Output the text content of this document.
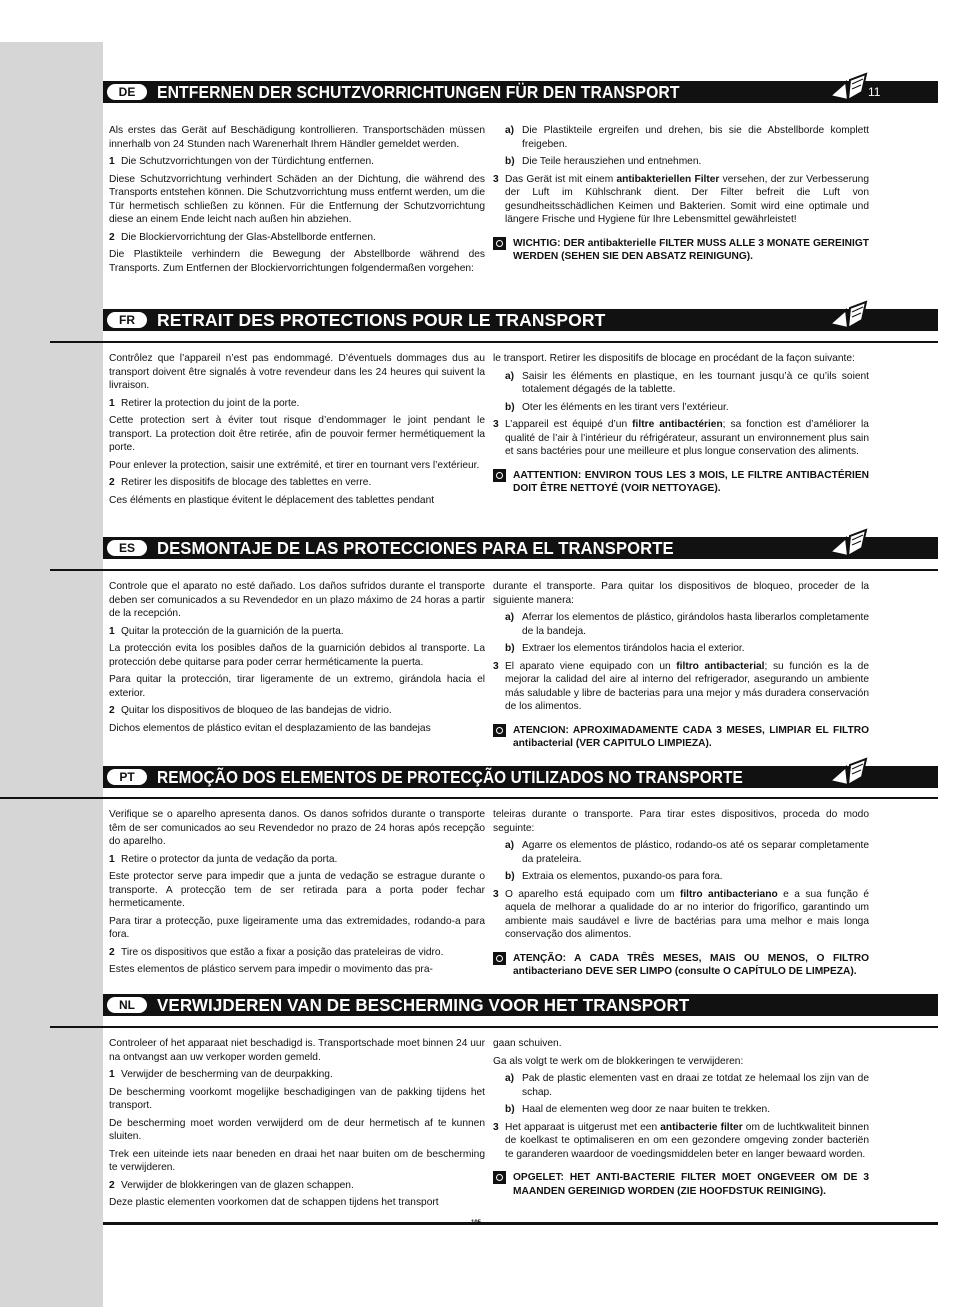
DE	ENTFERNEN DER SCHUTZVORRICHTUNGEN FÜR DEN TRANSPORT	11

Als erstes das Gerät auf Beschädigung kontrollieren. Transportschäden müssen innerhalb von 24 Stunden nach Warenerhalt Ihrem Händler gemeldet werden.

1 Die Schutzvorrichtungen von der Türdichtung entfernen.

Diese Schutzvorrichtung verhindert Schäden an der Dichtung, die während des Transports entstehen können. Die Schutzvorrichtung muss entfernt werden, um die Tür hermetisch schließen zu können. Für die Entfernung der Schutzvorrichtung diese an einem Ende leicht nach außen hin abziehen.

2 Die Blockiervorrichtung der Glas-Abstellborde entfernen.

Die Plastikteile verhindern die Bewegung der Abstellborde während des Transports. Zum Entfernen der Blockiervorrichtungen folgendermaßen vorgehen:

a) Die Plastikteile ergreifen und drehen, bis sie die Abstellborde komplett freigeben.
b) Die Teile herausziehen und entnehmen.
3 Das Gerät ist mit einem antibakteriellen Filter versehen, der zur Verbesserung der Luft im Kühlschrank dient. Der Filter befreit die Luft von gesundheitsschädlichen Keimen und Bakterien. Somit wird eine optimale und längere Frische und Hygiene für Ihre Lebensmittel gewährleistet!
WICHTIG: DER antibakterielle FILTER MUSS ALLE 3 MONATE GEREINIGT WERDEN (SEHEN SIE DEN ABSATZ REINIGUNG).
FR	RETRAIT DES PROTECTIONS POUR LE TRANSPORT

Contrôlez que l’appareil n’est pas endommagé. D’éventuels dommages dus au transport doivent être signalés à votre revendeur dans les 24 heures qui suivent la livraison.

1 Retirer la protection du joint de la porte.

Cette protection sert à éviter tout risque d’endommager le joint pendant le transport. La protection doit être retirée, afin de pouvoir fermer hermétiquement la porte.

Pour enlever la protection, saisir une extrémité, et tirer en tournant vers l’extérieur.

2 Retirer les dispositifs de blocage des tablettes en verre.

Ces éléments en plastique évitent le déplacement des tablettes pendant

le transport. Retirer les dispositifs de blocage en procédant de la façon suivante:

a) Saisir les éléments en plastique, en les tournant jusqu’à ce qu’ils soient totalement dégagés de la tablette.
b) Oter les éléments en les tirant vers l’extérieur.
3 L’appareil est équipé d’un filtre antibactérien; sa fonction est d’améliorer la qualité de l’air à l’intérieur du réfrigérateur, assurant un environnement plus sain et sans bactéries pour une meilleure et plus longue conservation des aliments.
AATTENTION: ENVIRON TOUS LES 3 MOIS, LE FILTRE ANTIBACTÉRIEN DOIT ÊTRE NETTOYÉ (VOIR NETTOYAGE).
ES	DESMONTAJE DE LAS PROTECCIONES PARA EL TRANSPORTE

Controle que el aparato no esté dañado. Los daños sufridos durante el transporte deben ser comunicados a su Revendedor en un plazo máximo de 24 horas a partir de la recepción.

1 Quitar la protección de la guarnición de la puerta.

La protección evita los posibles daños de la guarnición debidos al transporte. La protección debe quitarse para poder cerrar herméticamente la puerta.

Para quitar la protección, tirar ligeramente de un extremo, girándola hacia el exterior.

2 Quitar los dispositivos de bloqueo de las bandejas de vidrio.

Dichos elementos de plástico evitan el desplazamiento de las bandejas

durante el transporte. Para quitar los dispositivos de bloqueo, proceder de la siguiente manera:

a) Aferrar los elementos de plástico, girándolos hasta liberarlos completamente de la bandeja.
b) Extraer los elementos tirándolos hacia el exterior.
3 El aparato viene equipado con un filtro antibacterial; su función es la de mejorar la calidad del aire al interno del refrigerador, asegurando un ambiente más saludable y libre de bacterias para una mejor y más duradera conservación de los alimentos.
ATENCION: APROXIMADAMENTE CADA 3 MESES, LIMPIAR EL FILTRO antibacterial (VER CAPITULO LIMPIEZA).
PT	REMOÇÃO DOS ELEMENTOS DE PROTECÇÃO UTILIZADOS NO TRANSPORTE

Verifique se o aparelho apresenta danos. Os danos sofridos durante o transporte têm de ser comunicados ao seu Revendedor no prazo de 24 horas após recepção do aparelho.

1 Retire o protector da junta de vedação da porta.

Este protector serve para impedir que a junta de vedação se estrague durante o transporte. A protecção tem de ser retirada para a porta poder fechar hermeticamente.

Para tirar a protecção, puxe ligeiramente uma das extremidades, rodando-a para fora.

2 Tire os dispositivos que estão a fixar a posição das prateleiras de vidro.

Estes elementos de plástico servem para impedir o movimento das pra-

teleiras durante o transporte. Para tirar estes dispositivos, proceda do modo seguinte:

a) Agarre os elementos de plástico, rodando-os até os separar completamente da prateleira.
b) Extraia os elementos, puxando-os para fora.
3 O aparelho está equipado com um filtro antibacteriano e a sua função é aquela de melhorar a qualidade do ar no interior do frigorífico, garantindo um ambiente mais saudável e livre de bactérias para uma melhor e mais longa conservação dos alimentos.
ATENÇÃO: A CADA TRÊS MESES, MAIS OU MENOS, O FILTRO antibacteriano DEVE SER LIMPO (consulte O CAPÍTULO DE LIMPEZA).
NL	VERWIJDEREN VAN DE BESCHERMING VOOR HET TRANSPORT

Controleer of het apparaat niet beschadigd is. Transportschade moet binnen 24 uur na ontvangst aan uw verkoper worden gemeld.

1 Verwijder de bescherming van de deurpakking.

De bescherming voorkomt mogelijke beschadigingen van de pakking tijdens het transport.

De bescherming moet worden verwijderd om de deur hermetisch af te kunnen sluiten.

Trek een uiteinde iets naar beneden en draai het naar buiten om de bescherming te verwijderen.

2 Verwijder de blokkeringen van de glazen schappen.

Deze plastic elementen voorkomen dat de schappen tijdens het transport

gaan schuiven.

Ga als volgt te werk om de blokkeringen te verwijderen:

a) Pak de plastic elementen vast en draai ze totdat ze helemaal los zijn van de schap.
b) Haal de elementen weg door ze naar buiten te trekken.
3 Het apparaat is uitgerust met een antibacterie filter om de luchtkwaliteit binnen de koelkast te optimaliseren en om een gezondere omgeving zonder bacteriën te garanderen waardoor de voedingsmiddelen beter en langer bewaard worden.
OPGELET: HET ANTI-BACTERIE FILTER MOET ONGEVEER OM DE 3 MAANDEN GEREINIGD WORDEN (ZIE HOOFDSTUK REINIGING).
195
